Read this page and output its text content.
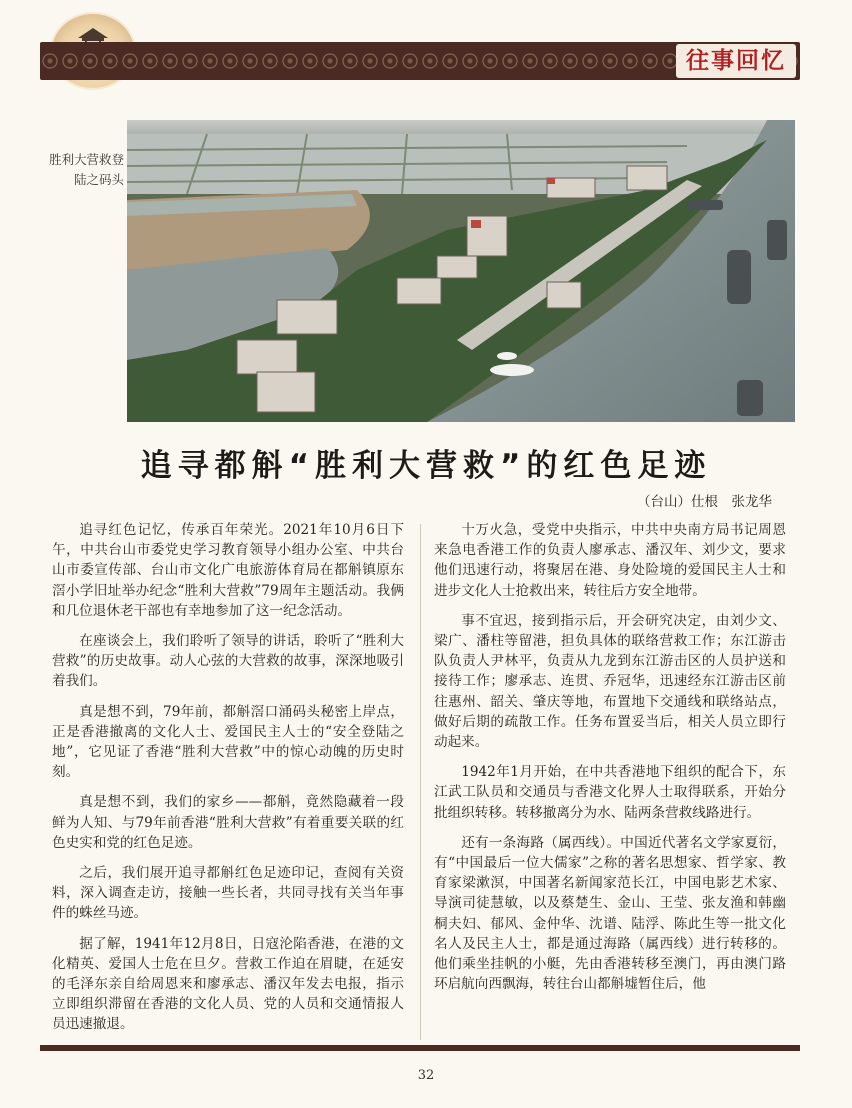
往事回忆
胜利大营救登陆之码头
追寻都斛“胜利大营救”的红色足迹
（台山）仕根　张龙华

追寻红色记忆，传承百年荣光。2021年10月6日下午，中共台山市委党史学习教育领导小组办公室、中共台山市委宣传部、台山市文化广电旅游体育局在都斛镇原东滘小学旧址举办纪念“胜利大营救”79周年主题活动。我俩和几位退休老干部也有幸地参加了这一纪念活动。

在座谈会上，我们聆听了领导的讲话，聆听了“胜利大营救”的历史故事。动人心弦的大营救的故事，深深地吸引着我们。

真是想不到，79年前，都斛滘口涌码头秘密上岸点，正是香港撤离的文化人士、爱国民主人士的“安全登陆之地”，它见证了香港“胜利大营救”中的惊心动魄的历史时刻。

真是想不到，我们的家乡——都斛，竟然隐藏着一段鲜为人知、与79年前香港“胜利大营救”有着重要关联的红色史实和党的红色足迹。

之后，我们展开追寻都斛红色足迹印记，查阅有关资料，深入调查走访，接触一些长者，共同寻找有关当年事件的蛛丝马迹。

据了解，1941年12月8日，日寇沦陷香港，在港的文化精英、爱国人士危在旦夕。营救工作迫在眉睫，在延安的毛泽东亲自给周恩来和廖承志、潘汉年发去电报，指示立即组织滞留在香港的文化人员、党的人员和交通情报人员迅速撤退。

十万火急，受党中央指示，中共中央南方局书记周恩来急电香港工作的负责人廖承志、潘汉年、刘少文，要求他们迅速行动，将聚居在港、身处险境的爱国民主人士和进步文化人士抢救出来，转往后方安全地带。

事不宜迟，接到指示后，开会研究决定，由刘少文、梁广、潘柱等留港，担负具体的联络营救工作；东江游击队负责人尹林平，负责从九龙到东江游击区的人员护送和接待工作；廖承志、连贯、乔冠华，迅速经东江游击区前往惠州、韶关、肇庆等地，布置地下交通线和联络站点，做好后期的疏散工作。任务布置妥当后，相关人员立即行动起来。

1942年1月开始，在中共香港地下组织的配合下，东江武工队员和交通员与香港文化界人士取得联系，开始分批组织转移。转移撤离分为水、陆两条营救线路进行。

还有一条海路（属西线）。中国近代著名文学家夏衍，有“中国最后一位大儒家”之称的著名思想家、哲学家、教育家梁漱溟，中国著名新闻家范长江，中国电影艺术家、导演司徒慧敏，以及蔡楚生、金山、王莹、张友渔和韩幽桐夫妇、郁风、金仲华、沈谱、陆浮、陈此生等一批文化名人及民主人士，都是通过海路（属西线）进行转移的。他们乘坐挂帆的小艇，先由香港转移至澳门，再由澳门路环启航向西飘海，转往台山都斛墟暂住后，他

32
